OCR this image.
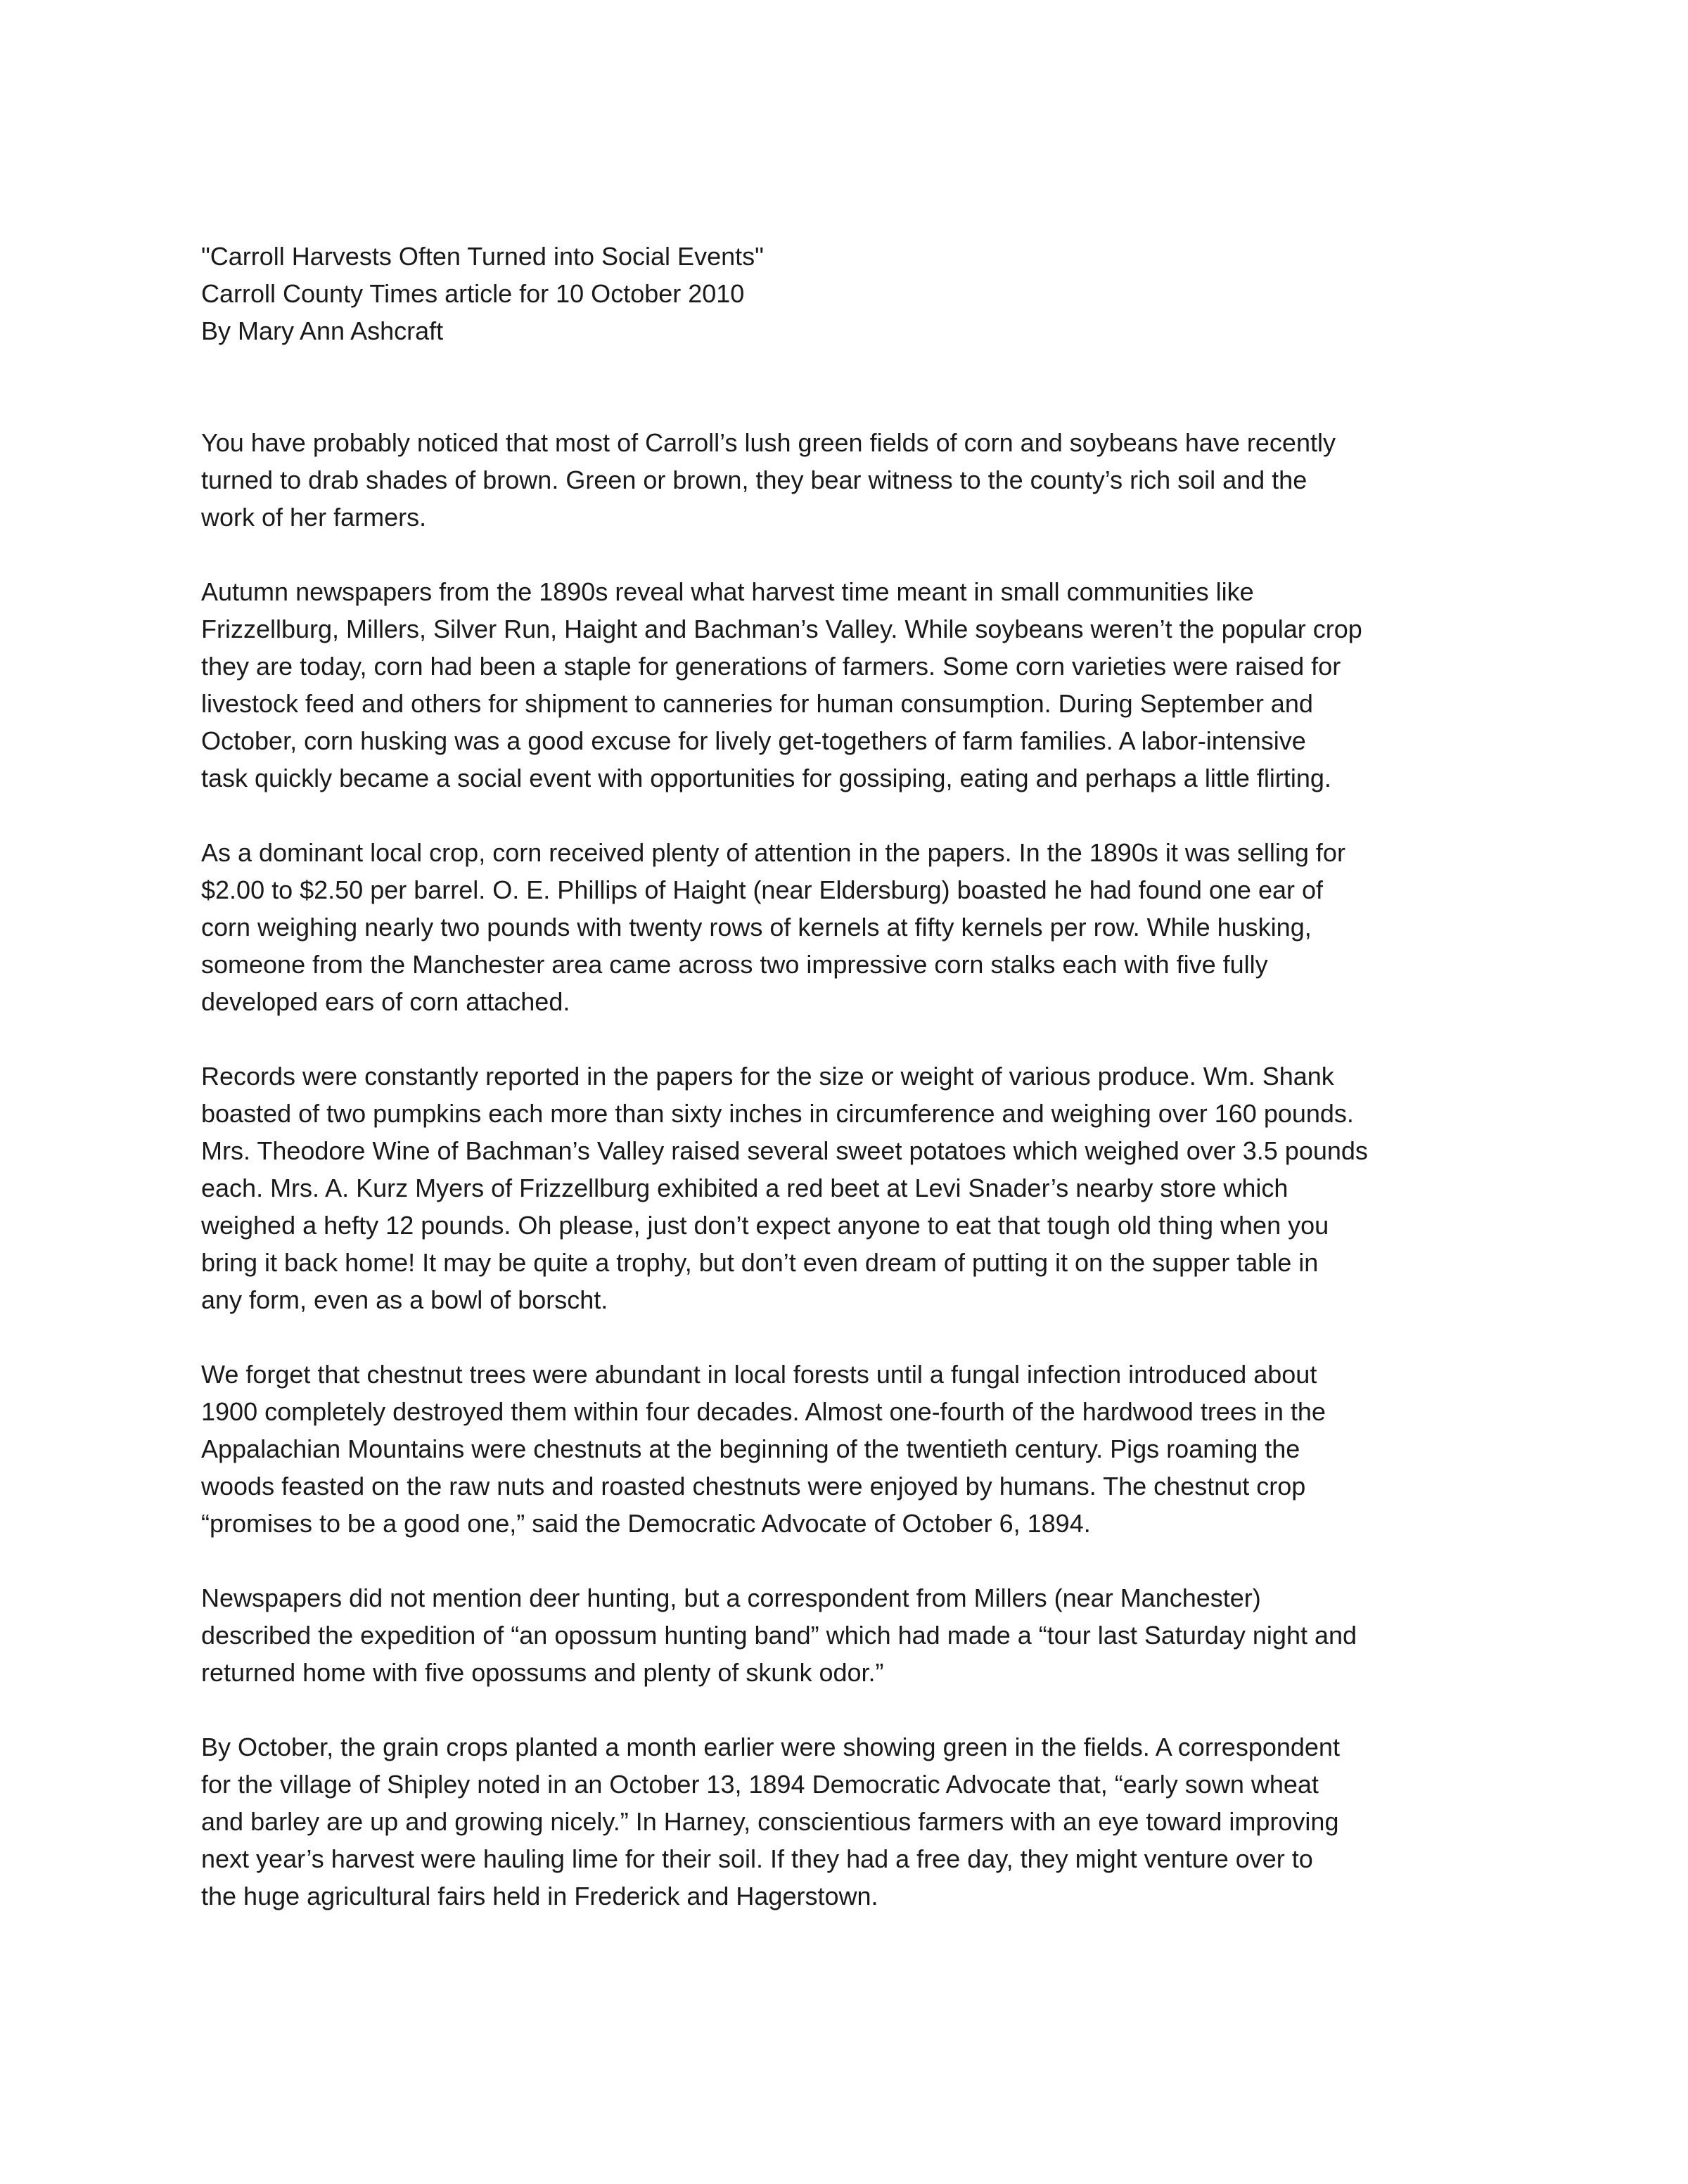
"Carroll Harvests Often Turned into Social Events"
Carroll County Times article for 10 October 2010
By Mary Ann Ashcraft
You have probably noticed that most of Carroll’s lush green fields of corn and soybeans have recently
turned to drab shades of brown. Green or brown, they bear witness to the county’s rich soil and the
work of her farmers.
Autumn newspapers from the 1890s reveal what harvest time meant in small communities like
Frizzellburg, Millers, Silver Run, Haight and Bachman’s Valley. While soybeans weren’t the popular crop
they are today, corn had been a staple for generations of farmers. Some corn varieties were raised for
livestock feed and others for shipment to canneries for human consumption. During September and
October, corn husking was a good excuse for lively get-togethers of farm families. A labor-intensive
task quickly became a social event with opportunities for gossiping, eating and perhaps a little flirting.
As a dominant local crop, corn received plenty of attention in the papers. In the 1890s it was selling for
$2.00 to $2.50 per barrel. O. E. Phillips of Haight (near Eldersburg) boasted he had found one ear of
corn weighing nearly two pounds with twenty rows of kernels at fifty kernels per row. While husking,
someone from the Manchester area came across two impressive corn stalks each with five fully
developed ears of corn attached.
Records were constantly reported in the papers for the size or weight of various produce. Wm. Shank
boasted of two pumpkins each more than sixty inches in circumference and weighing over 160 pounds.
Mrs. Theodore Wine of Bachman’s Valley raised several sweet potatoes which weighed over 3.5 pounds
each. Mrs. A. Kurz Myers of Frizzellburg exhibited a red beet at Levi Snader’s nearby store which
weighed a hefty 12 pounds. Oh please, just don’t expect anyone to eat that tough old thing when you
bring it back home! It may be quite a trophy, but don’t even dream of putting it on the supper table in
any form, even as a bowl of borscht.
We forget that chestnut trees were abundant in local forests until a fungal infection introduced about
1900 completely destroyed them within four decades. Almost one-fourth of the hardwood trees in the
Appalachian Mountains were chestnuts at the beginning of the twentieth century. Pigs roaming the
woods feasted on the raw nuts and roasted chestnuts were enjoyed by humans. The chestnut crop
“promises to be a good one,” said the Democratic Advocate of October 6, 1894.
Newspapers did not mention deer hunting, but a correspondent from Millers (near Manchester)
described the expedition of “an opossum hunting band” which had made a “tour last Saturday night and
returned home with five opossums and plenty of skunk odor.”
By October, the grain crops planted a month earlier were showing green in the fields. A correspondent
for the village of Shipley noted in an October 13, 1894 Democratic Advocate that, “early sown wheat
and barley are up and growing nicely.” In Harney, conscientious farmers with an eye toward improving
next year’s harvest were hauling lime for their soil. If they had a free day, they might venture over to
the huge agricultural fairs held in Frederick and Hagerstown.
